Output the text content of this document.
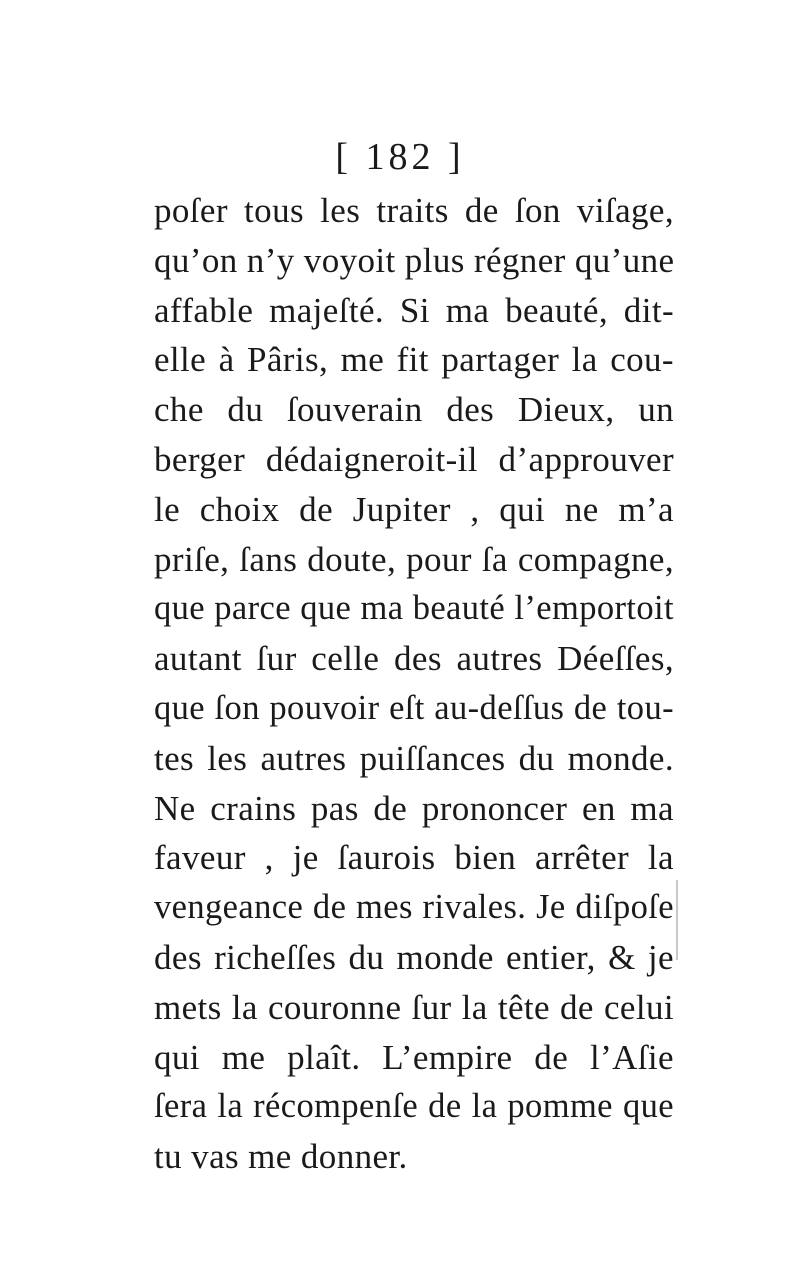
[ 182 ]
poſer tous les traits de ſon viſage,
qu’on n’y voyoit plus régner qu’une
affable majeſté. Si ma beauté, dit-
elle à Pâris, me fit partager la cou-
che du ſouverain des Dieux, un
berger dédaigneroit-il d’approuver
le choix de Jupiter , qui ne m’a
priſe, ſans doute, pour ſa compagne,
que parce que ma beauté l’emportoit
autant ſur celle des autres Déeſſes,
que ſon pouvoir eſt au-deſſus de tou-
tes les autres puiſſances du monde.
Ne crains pas de prononcer en ma
faveur , je ſaurois bien arrêter la
vengeance de mes rivales. Je diſpoſe
des richeſſes du monde entier, & je
mets la couronne ſur la tête de celui
qui me plaît. L’empire de l’Aſie
ſera la récompenſe de la pomme que
tu vas me donner.
